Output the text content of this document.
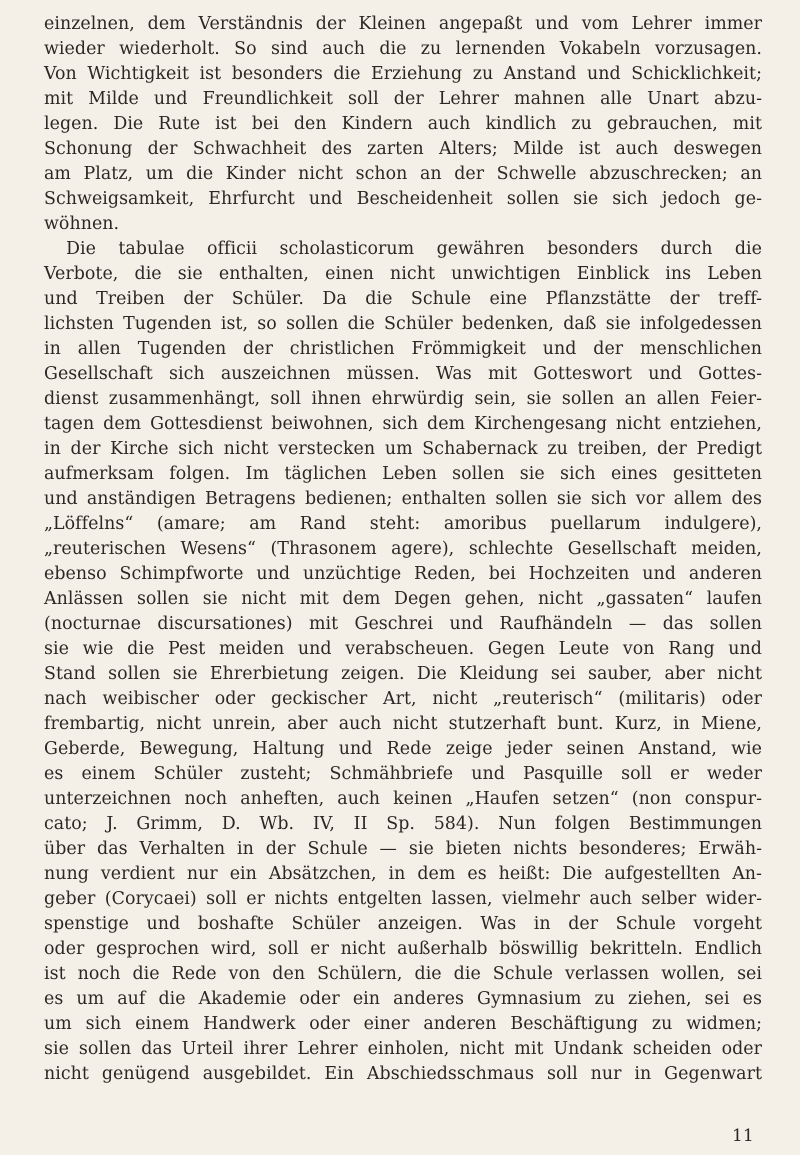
einzelnen, dem Verständnis der Kleinen angepaßt und vom Lehrer immer
wieder wiederholt. So sind auch die zu lernenden Vokabeln vorzusagen.
Von Wichtigkeit ist besonders die Erziehung zu Anstand und Schicklichkeit;
mit Milde und Freundlichkeit soll der Lehrer mahnen alle Unart abzu-
legen. Die Rute ist bei den Kindern auch kindlich zu gebrauchen, mit
Schonung der Schwachheit des zarten Alters; Milde ist auch deswegen
am Platz, um die Kinder nicht schon an der Schwelle abzuschrecken; an
Schweigsamkeit, Ehrfurcht und Bescheidenheit sollen sie sich jedoch ge-
wöhnen.
Die tabulae officii scholasticorum gewähren besonders durch die
Verbote, die sie enthalten, einen nicht unwichtigen Einblick ins Leben
und Treiben der Schüler. Da die Schule eine Pflanzstätte der treff-
lichsten Tugenden ist, so sollen die Schüler bedenken, daß sie infolgedessen
in allen Tugenden der christlichen Frömmigkeit und der menschlichen
Gesellschaft sich auszeichnen müssen. Was mit Gotteswort und Gottes-
dienst zusammenhängt, soll ihnen ehrwürdig sein, sie sollen an allen Feier-
tagen dem Gottesdienst beiwohnen, sich dem Kirchengesang nicht entziehen,
in der Kirche sich nicht verstecken um Schabernack zu treiben, der Predigt
aufmerksam folgen. Im täglichen Leben sollen sie sich eines gesitteten
und anständigen Betragens bedienen; enthalten sollen sie sich vor allem des
„Löffelns“ (amare; am Rand steht: amoribus puellarum indulgere),
„reuterischen Wesens“ (Thrasonem agere), schlechte Gesellschaft meiden,
ebenso Schimpfworte und unzüchtige Reden, bei Hochzeiten und anderen
Anlässen sollen sie nicht mit dem Degen gehen, nicht „gassaten“ laufen
(nocturnae discursationes) mit Geschrei und Raufhändeln — das sollen
sie wie die Pest meiden und verabscheuen. Gegen Leute von Rang und
Stand sollen sie Ehrerbietung zeigen. Die Kleidung sei sauber, aber nicht
nach weibischer oder geckischer Art, nicht „reuterisch“ (militaris) oder
frembartig, nicht unrein, aber auch nicht stutzerhaft bunt. Kurz, in Miene,
Geberde, Bewegung, Haltung und Rede zeige jeder seinen Anstand, wie
es einem Schüler zusteht; Schmähbriefe und Pasquille soll er weder
unterzeichnen noch anheften, auch keinen „Haufen setzen“ (non conspur-
cato; J. Grimm, D. Wb. IV, II Sp. 584). Nun folgen Bestimmungen
über das Verhalten in der Schule — sie bieten nichts besonderes; Erwäh-
nung verdient nur ein Absätzchen, in dem es heißt: Die aufgestellten An-
geber (Corycaei) soll er nichts entgelten lassen, vielmehr auch selber wider-
spenstige und boshafte Schüler anzeigen. Was in der Schule vorgeht
oder gesprochen wird, soll er nicht außerhalb böswillig bekritteln. Endlich
ist noch die Rede von den Schülern, die die Schule verlassen wollen, sei
es um auf die Akademie oder ein anderes Gymnasium zu ziehen, sei es
um sich einem Handwerk oder einer anderen Beschäftigung zu widmen;
sie sollen das Urteil ihrer Lehrer einholen, nicht mit Undank scheiden oder
nicht genügend ausgebildet. Ein Abschiedsschmaus soll nur in Gegenwart
11
